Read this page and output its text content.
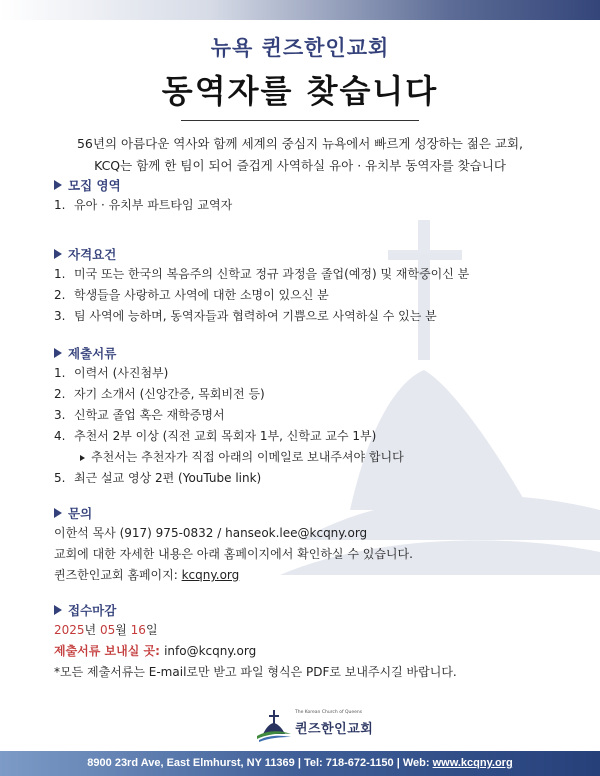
뉴욕 퀸즈한인교회
동역자를 찾습니다
56년의 아름다운 역사와 함께 세계의 중심지 뉴욕에서 빠르게 성장하는 젊은 교회,
KCQ는 함께 한 팀이 되어 즐겁게 사역하실 유아 · 유치부 동역자를 찾습니다
모집 영역
1. 유아 · 유치부 파트타임 교역자
자격요건
1. 미국 또는 한국의 복음주의 신학교 정규 과정을 졸업(예정) 및 재학중이신 분
2. 학생들을 사랑하고 사역에 대한 소명이 있으신 분
3. 팀 사역에 능하며, 동역자들과 협력하여 기쁨으로 사역하실 수 있는 분
제출서류
1. 이력서 (사진첨부)
2. 자기 소개서 (신앙간증, 목회비전 등)
3. 신학교 졸업 혹은 재학증명서
4. 추천서 2부 이상 (직전 교회 목회자 1부, 신학교 교수 1부)
추천서는 추천자가 직접 아래의 이메일로 보내주셔야 합니다
5. 최근 설교 영상 2편 (YouTube link)
문의
이한석 목사 (917) 975-0832 / hanseok.lee@kcqny.org
교회에 대한 자세한 내용은 아래 홈페이지에서 확인하실 수 있습니다.
퀸즈한인교회 홈페이지: kcqny.org
접수마감
2025년 05월 16일
제출서류 보내실 곳: info@kcqny.org
*모든 제출서류는 E-mail로만 받고 파일 형식은 PDF로 보내주시길 바랍니다.
The Korean Church of Queens
퀸즈한인교회
8900 23rd Ave, East Elmhurst, NY 11369 | Tel: 718-672-1150 | Web: www.kcqny.org
